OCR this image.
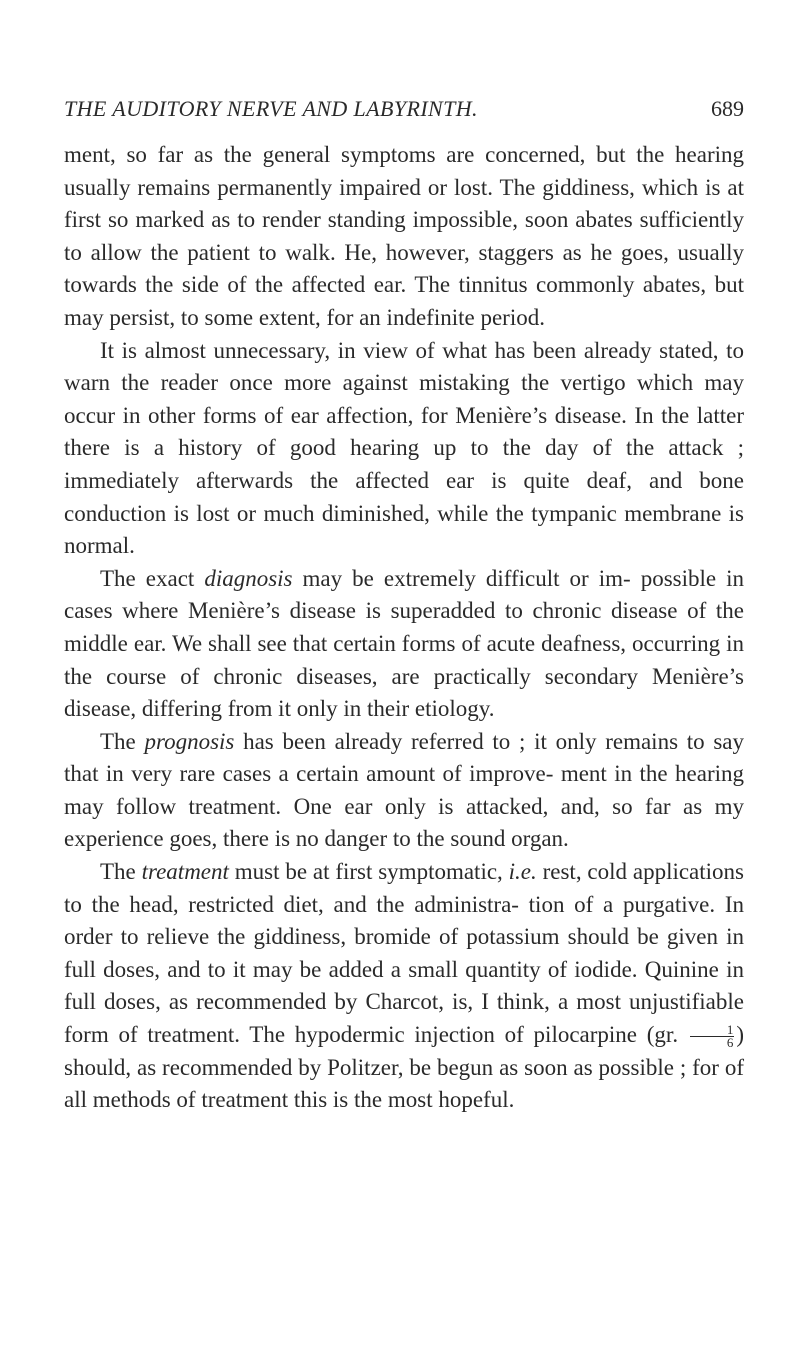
THE AUDITORY NERVE AND LABYRINTH.	689

ment, so far as the general symptoms are concerned, but the hearing usually remains permanently impaired or lost. The giddiness, which is at first so marked as to render standing impossible, soon abates sufficiently to allow the patient to walk. He, however, staggers as he goes, usually towards the side of the affected ear. The tinnitus commonly abates, but may persist, to some extent, for an indefinite period.

It is almost unnecessary, in view of what has been already stated, to warn the reader once more against mistaking the vertigo which may occur in other forms of ear affection, for Menière’s disease. In the latter there is a history of good hearing up to the day of the attack ; immediately afterwards the affected ear is quite deaf, and bone conduction is lost or much diminished, while the tympanic membrane is normal.

The exact diagnosis may be extremely difficult or im- possible in cases where Menière’s disease is superadded to chronic disease of the middle ear. We shall see that certain forms of acute deafness, occurring in the course of chronic diseases, are practically secondary Menière’s disease, differing from it only in their etiology.

The prognosis has been already referred to ; it only remains to say that in very rare cases a certain amount of improve- ment in the hearing may follow treatment. One ear only is attacked, and, so far as my experience goes, there is no danger to the sound organ.

The treatment must be at first symptomatic, i.e. rest, cold applications to the head, restricted diet, and the administra- tion of a purgative. In order to relieve the giddiness, bromide of potassium should be given in full doses, and to it may be added a small quantity of iodide. Quinine in full doses, as recommended by Charcot, is, I think, a most unjustifiable form of treatment. The hypodermic injection of pilocarpine (gr. $\frac{1}{6}$ ) should, as recommended by Politzer, be begun as soon as possible ; for of all methods of treatment this is the most hopeful.
